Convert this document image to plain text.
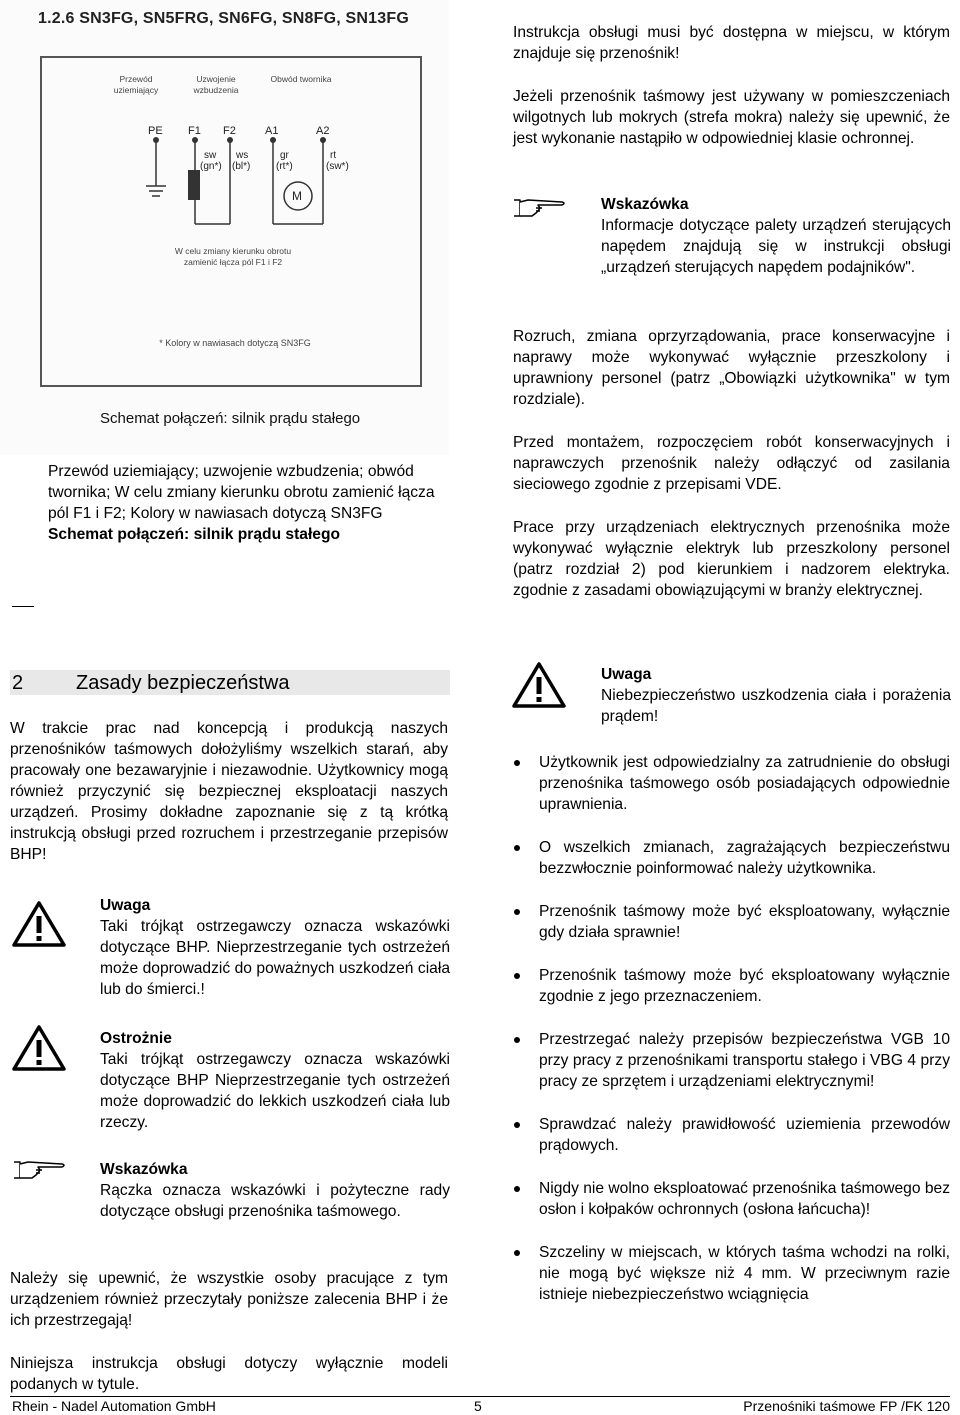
1.2.6 SN3FG, SN5FRG, SN6FG, SN8FG, SN13FG
Przewód uziemiający
Uzwojenie wzbudzenia
Obwód twornika
PE F1 F2	A1	A2
M
sw
(gn*)
ws
(bl*)
gr
(rt*)
rt
(sw*)
W celu zmiany kierunku obrotu zamienić łącza pól F1 i F2
* Kolory w nawiasach dotyczą SN3FG
Schemat połączeń: silnik prądu stałego

Przewód uziemiający; uzwojenie wzbudzenia; obwód twornika; W celu zmiany kierunku obrotu zamienić łącza pól F1 i F2; Kolory w nawiasach dotyczą SN3FG

Schemat połączeń: silnik prądu stałego

Instrukcja obsługi musi być dostępna w miejscu, w którym znajduje się przenośnik!

Jeżeli przenośnik taśmowy jest używany w pomieszczeniach wilgotnych lub mokrych (strefa mokra) należy się upewnić, że jest wykonanie nastąpiło w odpowiedniej klasie ochronnej.

Wskazówka

Informacje dotyczące palety urządzeń sterujących napędem znajdują się w instrukcji obsługi „urządzeń sterujących napędem podajników".

Rozruch, zmiana oprzyrządowania, prace konserwacyjne i naprawy może wykonywać wyłącznie przeszkolony i uprawniony personel (patrz „Obowiązki użytkownika" w tym rozdziale).

Przed montażem, rozpoczęciem robót konserwacyjnych i naprawczych przenośnik należy odłączyć od zasilania sieciowego zgodnie z przepisami VDE.

Prace przy urządzeniach elektrycznych przenośnika może wykonywać wyłącznie elektryk lub przeszkolony personel (patrz rozdział 2) pod kierunkiem i nadzorem elektryka. zgodnie z zasadami obowiązującymi w branży elektrycznej.

2	Zasady bezpieczeństwa

W trakcie prac nad koncepcją i produkcją naszych przenośników taśmowych dołożyliśmy wszelkich starań, aby pracowały one bezawaryjnie i niezawodnie. Użytkownicy mogą również przyczynić się bezpiecznej eksploatacji naszych urządzeń. Prosimy dokładne zapoznanie się z tą krótką instrukcją obsługi przed rozruchem i przestrzeganie przepisów BHP!

Uwaga

Taki trójkąt ostrzegawczy oznacza wskazówki dotyczące BHP. Nieprzestrzeganie tych ostrzeżeń może doprowadzić do poważnych uszkodzeń ciała lub do śmierci.!

Ostrożnie

Taki trójkąt ostrzegawczy oznacza wskazówki dotyczące BHP Nieprzestrzeganie tych ostrzeżeń może doprowadzić do lekkich uszkodzeń ciała lub rzeczy.

Wskazówka

Rączka oznacza wskazówki i pożyteczne rady dotyczące obsługi przenośnika taśmowego.

Należy się upewnić, że wszystkie osoby pracujące z tym urządzeniem również przeczytały poniższe zalecenia BHP i że ich przestrzegają!

Niniejsza instrukcja obsługi dotyczy wyłącznie modeli podanych w tytule.

Uwaga

Niebezpieczeństwo uszkodzenia ciała i porażenia prądem!

Użytkownik jest odpowiedzialny za zatrudnienie do obsługi przenośnika taśmowego osób posiadających odpowiednie uprawnienia.
O wszelkich zmianach, zagrażających bezpieczeństwu bezzwłocznie poinformować należy użytkownika.
Przenośnik taśmowy może być eksploatowany, wyłącznie gdy działa sprawnie!
Przenośnik taśmowy może być eksploatowany wyłącznie zgodnie z jego przeznaczeniem.
Przestrzegać należy przepisów bezpieczeństwa VGB 10 przy pracy z przenośnikami transportu stałego i VBG 4 przy pracy ze sprzętem i urządzeniami elektrycznymi!
Sprawdzać należy prawidłowość uziemienia przewodów prądowych.
Nigdy nie wolno eksploatować przenośnika taśmowego bez osłon i kołpaków ochronnych (osłona łańcucha)!
Szczeliny w miejscach, w których taśma wchodzi na rolki, nie mogą być większe niż 4 mm. W przeciwnym razie istnieje niebezpieczeństwo wciągnięcia
Rhein - Nadel Automation GmbH	5	Przenośniki taśmowe FP /FK 120
